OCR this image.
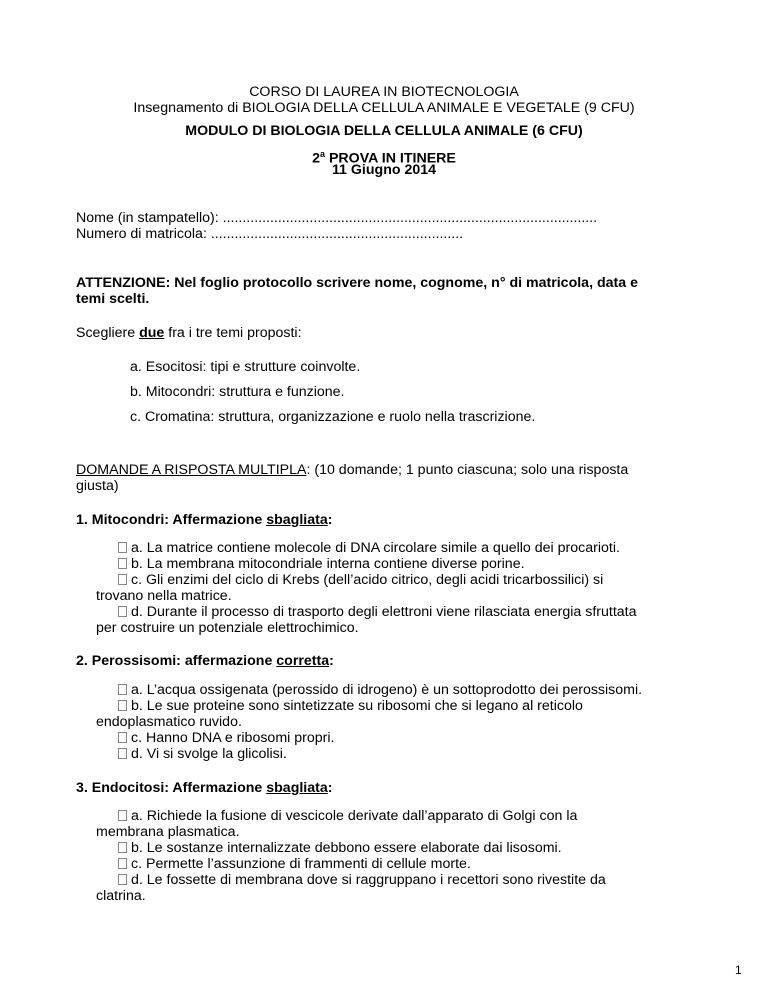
CORSO DI LAUREA IN BIOTECNOLOGIA
Insegnamento di BIOLOGIA DELLA CELLULA ANIMALE E VEGETALE (9 CFU)
MODULO DI BIOLOGIA DELLA CELLULA ANIMALE (6 CFU)
2$^a$ PROVA IN ITINERE
11 Giugno 2014
Nome (in stampatello): ...............................................................................................
Numero di matricola: ................................................................
ATTENZIONE: Nel foglio protocollo scrivere nome, cognome, n° di matricola, data e
temi scelti.
Scegliere due fra i tre temi proposti:
a. Esocitosi: tipi e strutture coinvolte.
b. Mitocondri: struttura e funzione.
c. Cromatina: struttura, organizzazione e ruolo nella trascrizione.
DOMANDE A RISPOSTA MULTIPLA: (10 domande; 1 punto ciascuna; solo una risposta
giusta)
1. Mitocondri: Affermazione sbagliata:
a. La matrice contiene molecole di DNA circolare simile a quello dei procarioti.
b. La membrana mitocondriale interna contiene diverse porine.
c. Gli enzimi del ciclo di Krebs (dell’acido citrico, degli acidi tricarbossilici) si
trovano nella matrice.
d. Durante il processo di trasporto degli elettroni viene rilasciata energia sfruttata
per costruire un potenziale elettrochimico.
2. Perossisomi: affermazione corretta:
a. L’acqua ossigenata (perossido di idrogeno) è un sottoprodotto dei perossisomi.
b. Le sue proteine sono sintetizzate su ribosomi che si legano al reticolo
endoplasmatico ruvido.
c. Hanno DNA e ribosomi propri.
d. Vi si svolge la glicolisi.
3. Endocitosi: Affermazione sbagliata:
a. Richiede la fusione di vescicole derivate dall’apparato di Golgi con la
membrana plasmatica.
b. Le sostanze internalizzate debbono essere elaborate dai lisosomi.
c. Permette l’assunzione di frammenti di cellule morte.
d. Le fossette di membrana dove si raggruppano i recettori sono rivestite da
clatrina.
1
